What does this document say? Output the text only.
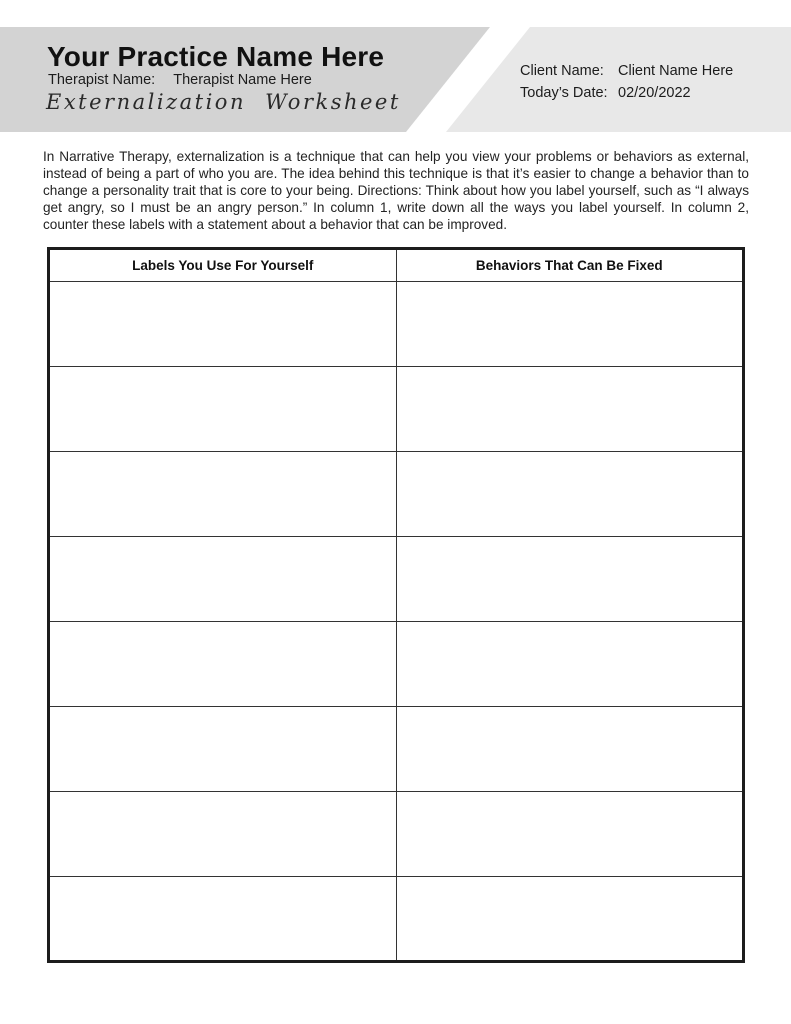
Your Practice Name Here
Therapist Name: Therapist Name Here
Externalization Worksheet
Client Name: Client Name Here
Today’s Date: 02/20/2022
In Narrative Therapy, externalization is a technique that can help you view your problems or behaviors as external, instead of being a part of who you are. The idea behind this technique is that it’s easier to change a behavior than to change a personality trait that is core to your being. Directions: Think about how you label yourself, such as “I always get angry, so I must be an angry person.” In column 1, write down all the ways you label yourself. In column 2, counter these labels with a statement about a behavior that can be improved.
Labels You Use For Yourself	Behaviors That Can Be Fixed
